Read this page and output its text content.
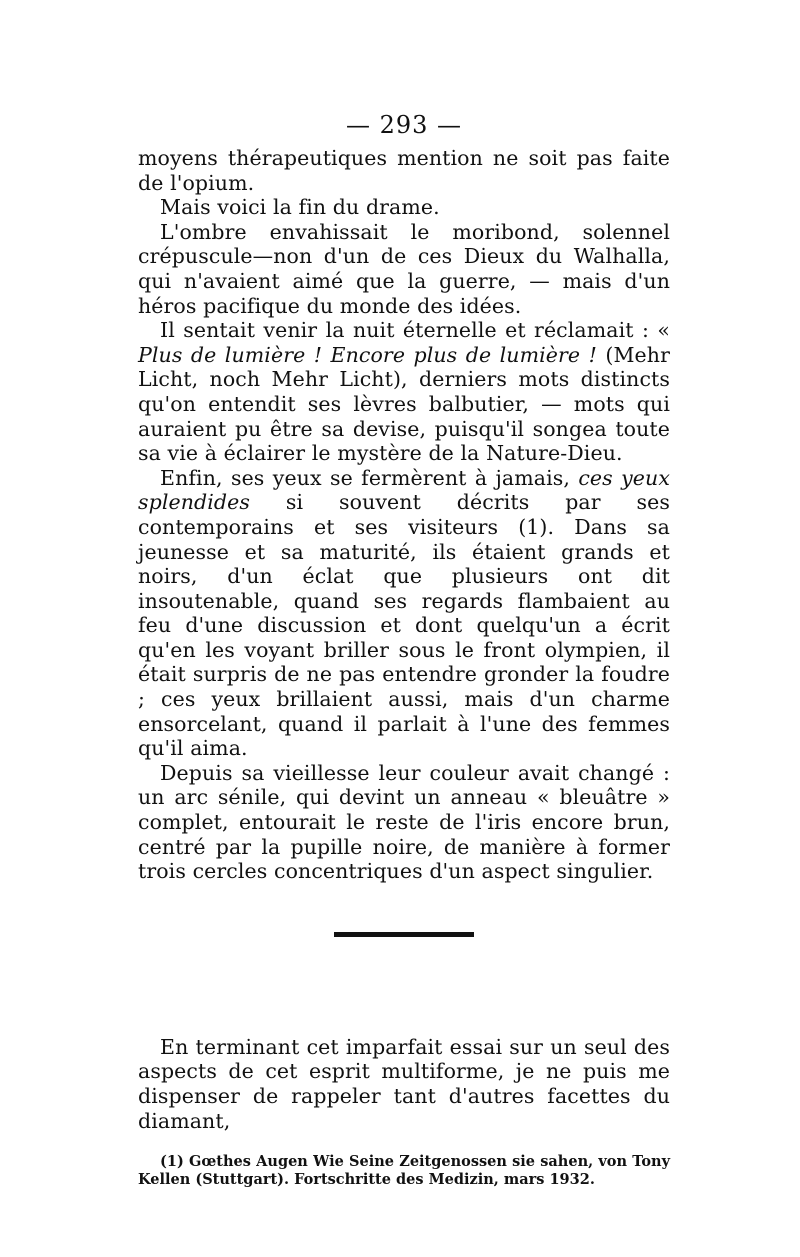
— 293 —

moyens thérapeutiques mention ne soit pas faite de l'opium.

Mais voici la fin du drame.

L'ombre envahissait le moribond, solennel crépuscule—non d'un de ces Dieux du Walhalla, qui n'avaient aimé que la guerre, — mais d'un héros pacifique du monde des idées.

Il sentait venir la nuit éternelle et réclamait : « Plus de lumière ! Encore plus de lumière ! (Mehr Licht, noch Mehr Licht), derniers mots distincts qu'on entendit ses lèvres balbutier, — mots qui auraient pu être sa devise, puisqu'il songea toute sa vie à éclairer le mystère de la Nature-Dieu.

Enfin, ses yeux se fermèrent à jamais, ces yeux splendides si souvent décrits par ses contemporains et ses visiteurs (1). Dans sa jeunesse et sa maturité, ils étaient grands et noirs, d'un éclat que plusieurs ont dit insoutenable, quand ses regards flambaient au feu d'une discussion et dont quelqu'un a écrit qu'en les voyant briller sous le front olympien, il était surpris de ne pas entendre gronder la foudre ; ces yeux brillaient aussi, mais d'un charme ensorcelant, quand il parlait à l'une des femmes qu'il aima.

Depuis sa vieillesse leur couleur avait changé : un arc sénile, qui devint un anneau « bleuâtre » complet, entourait le reste de l'iris encore brun, centré par la pupille noire, de manière à former trois cercles concentriques d'un aspect singulier.

En terminant cet imparfait essai sur un seul des aspects de cet esprit multiforme, je ne puis me dispenser de rappeler tant d'autres facettes du diamant,

(1) Gœthes Augen Wie Seine Zeitgenossen sie sahen, von Tony Kellen (Stuttgart). Fortschritte des Medizin, mars 1932.
